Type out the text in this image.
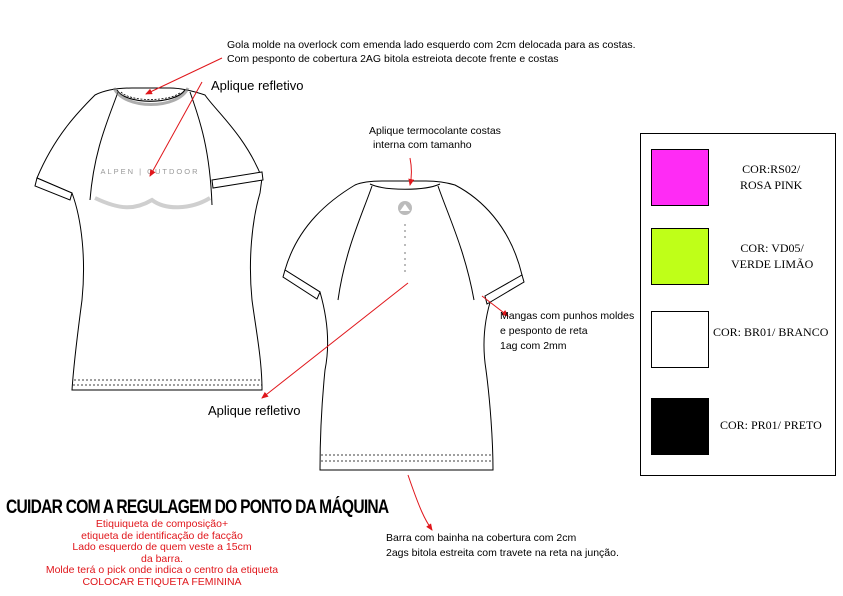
ALPEN | OUTDOOR
Gola molde na overlock com emenda lado esquerdo com 2cm delocada para as costas.
Com pesponto de cobertura 2AG bitola estreiota decote frente e costas
Aplique refletivo
Aplique termocolante costas
interna com tamanho
Aplique refletivo
Mangas com punhos moldes
e pesponto de reta
1ag com 2mm
Barra com bainha na cobertura com 2cm
2ags bitola estreita com travete na reta na junção.
CUIDAR COM A REGULAGEM DO PONTO DA MÁQUINA
Etiquiqueta de composição+
etiqueta de identificação de facção
Lado esquerdo de quem veste a 15cm
da barra.
Molde terá o pick onde indica o centro da etiqueta
COLOCAR ETIQUETA FEMININA
COR:RS02/
ROSA PINK
COR: VD05/
VERDE LIMÃO
COR: BR01/ BRANCO
COR: PR01/ PRETO
